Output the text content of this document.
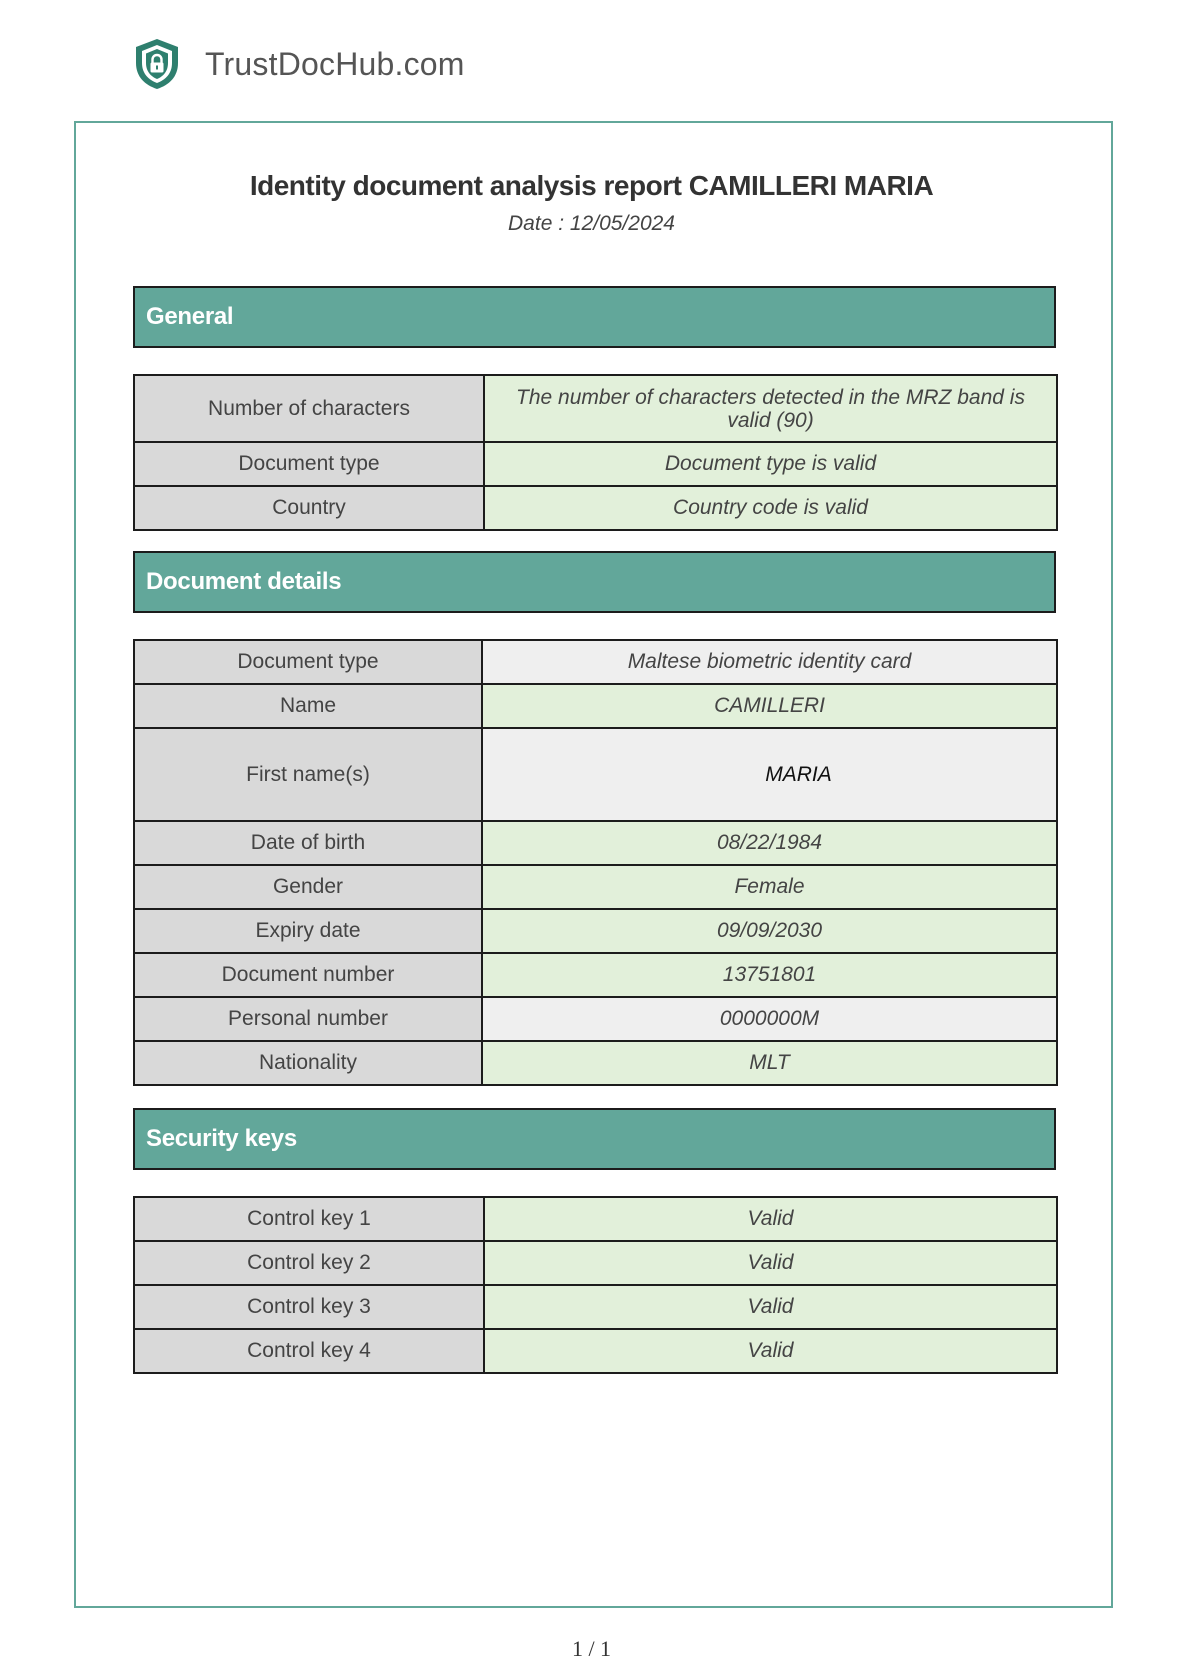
TrustDocHub.com
Identity document analysis report CAMILLERI MARIA
Date : 12/05/2024
General
Number of characters	The number of characters detected in the MRZ band is valid (90)
Document type	Document type is valid
Country	Country code is valid
Document details
Document type	Maltese biometric identity card
Name	CAMILLERI
First name(s)	MARIA
Date of birth	08/22/1984
Gender	Female
Expiry date	09/09/2030
Document number	13751801
Personal number	0000000M
Nationality	MLT
Security keys
Control key 1	Valid
Control key 2	Valid
Control key 3	Valid
Control key 4	Valid
1 / 1
